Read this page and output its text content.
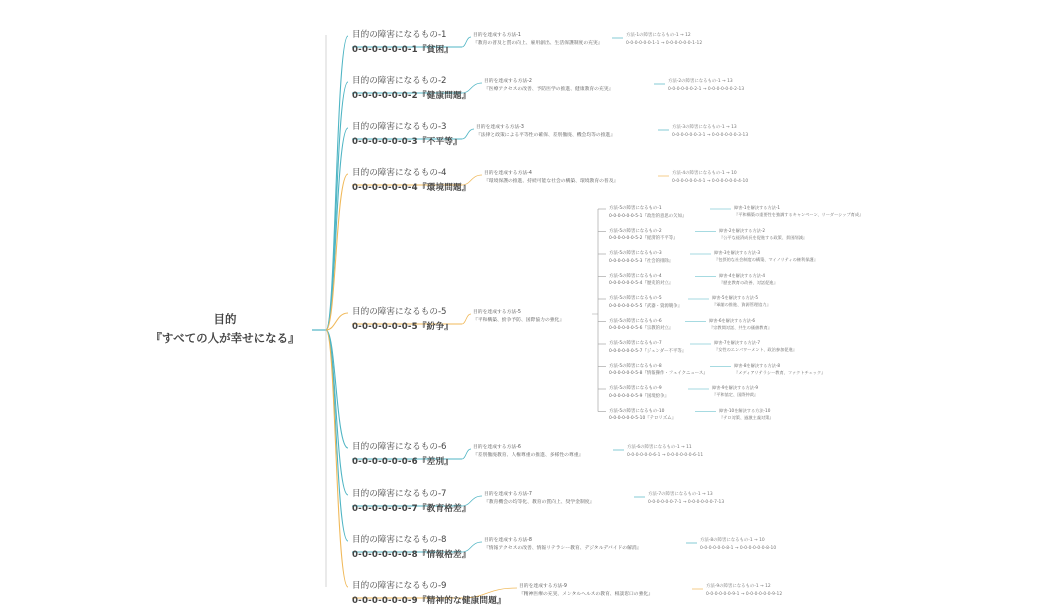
目的
『すべての人が幸せになる』
目的の障害になるもの-1
0-0-0-0-0-0-1『貧困』
目的を達成する方法-1
『教育の普及と質の向上、雇用創出、生活保護制度の充実』
方法-1の障害になるもの-1 → 12
0-0-0-0-0-0-1-1 → 0-0-0-0-0-0-1-12
目的の障害になるもの-2
0-0-0-0-0-0-2『健康問題』
目的を達成する方法-2
『医療アクセスの改善、予防医学の推進、健康教育の充実』
方法-2の障害になるもの-1 → 13
0-0-0-0-0-0-2-1 → 0-0-0-0-0-0-2-13
目的の障害になるもの-3
0-0-0-0-0-0-3『不平等』
目的を達成する方法-3
『法律と政策による平等性の確保、差別撤廃、機会均等の推進』
方法-3の障害になるもの-1 → 13
0-0-0-0-0-0-3-1 → 0-0-0-0-0-0-3-13
目的の障害になるもの-4
0-0-0-0-0-0-4『環境問題』
目的を達成する方法-4
『環境保護の推進、持続可能な社会の構築、環境教育の普及』
方法-4の障害になるもの-1 → 10
0-0-0-0-0-0-4-1 → 0-0-0-0-0-0-4-10
目的の障害になるもの-5
0-0-0-0-0-0-5『紛争』
目的を達成する方法-5
『平和構築、紛争予防、国際協力の強化』
方法-5の障害になるもの-1
0-0-0-0-0-0-5-1『政治的意思の欠如』
障害-1を解決する方法-1
『平和構築の重要性を強調するキャンペーン、リーダーシップ育成』
方法-5の障害になるもの-2
0-0-0-0-0-0-5-2『経済的不平等』
障害-2を解決する方法-2
『公平な経済成長を促進する政策、貧困削減』
方法-5の障害になるもの-3
0-0-0-0-0-0-5-3『社会的排除』
障害-3を解決する方法-3
『包摂的な社会制度の構築、マイノリティの権利保護』
方法-5の障害になるもの-4
0-0-0-0-0-0-5-4『歴史的対立』
障害-4を解決する方法-4
『歴史教育の改善、対話促進』
方法-5の障害になるもの-5
0-0-0-0-0-0-5-5『武器・資源競争』
障害-5を解決する方法-5
『軍縮の推進、資源管理協力』
方法-5の障害になるもの-6
0-0-0-0-0-0-5-6『宗教的対立』
障害-6を解決する方法-6
『宗教間対話、共生の価値教育』
方法-5の障害になるもの-7
0-0-0-0-0-0-5-7『ジェンダー不平等』
障害-7を解決する方法-7
『女性のエンパワーメント、政治参加促進』
方法-5の障害になるもの-8
0-0-0-0-0-0-5-8『情報操作・フェイクニュース』
障害-8を解決する方法-8
『メディアリテラシー教育、ファクトチェック』
方法-5の障害になるもの-9
0-0-0-0-0-0-5-9『国境紛争』
障害-9を解決する方法-9
『平和協定、国際仲裁』
方法-5の障害になるもの-10
0-0-0-0-0-0-5-10『テロリズム』
障害-10を解決する方法-10
『テロ対策、過激主義対策』
目的の障害になるもの-6
0-0-0-0-0-0-6『差別』
目的を達成する方法-6
『差別撤廃教育、人権尊重の推進、多様性の尊重』
方法-6の障害になるもの-1 → 11
0-0-0-0-0-0-6-1 → 0-0-0-0-0-0-6-11
目的の障害になるもの-7
0-0-0-0-0-0-7『教育格差』
目的を達成する方法-7
『教育機会の均等化、教育の質向上、奨学金制度』
方法-7の障害になるもの-1 → 13
0-0-0-0-0-0-7-1 → 0-0-0-0-0-0-7-13
目的の障害になるもの-8
0-0-0-0-0-0-8『情報格差』
目的を達成する方法-8
『情報アクセスの改善、情報リテラシー教育、デジタルデバイドの解消』
方法-8の障害になるもの-1 → 10
0-0-0-0-0-0-8-1 → 0-0-0-0-0-0-8-10
目的の障害になるもの-9
0-0-0-0-0-0-9『精神的な健康問題』
目的を達成する方法-9
『精神医療の充実、メンタルヘルスの教育、相談窓口の強化』
方法-9の障害になるもの-1 → 12
0-0-0-0-0-0-9-1 → 0-0-0-0-0-0-9-12
